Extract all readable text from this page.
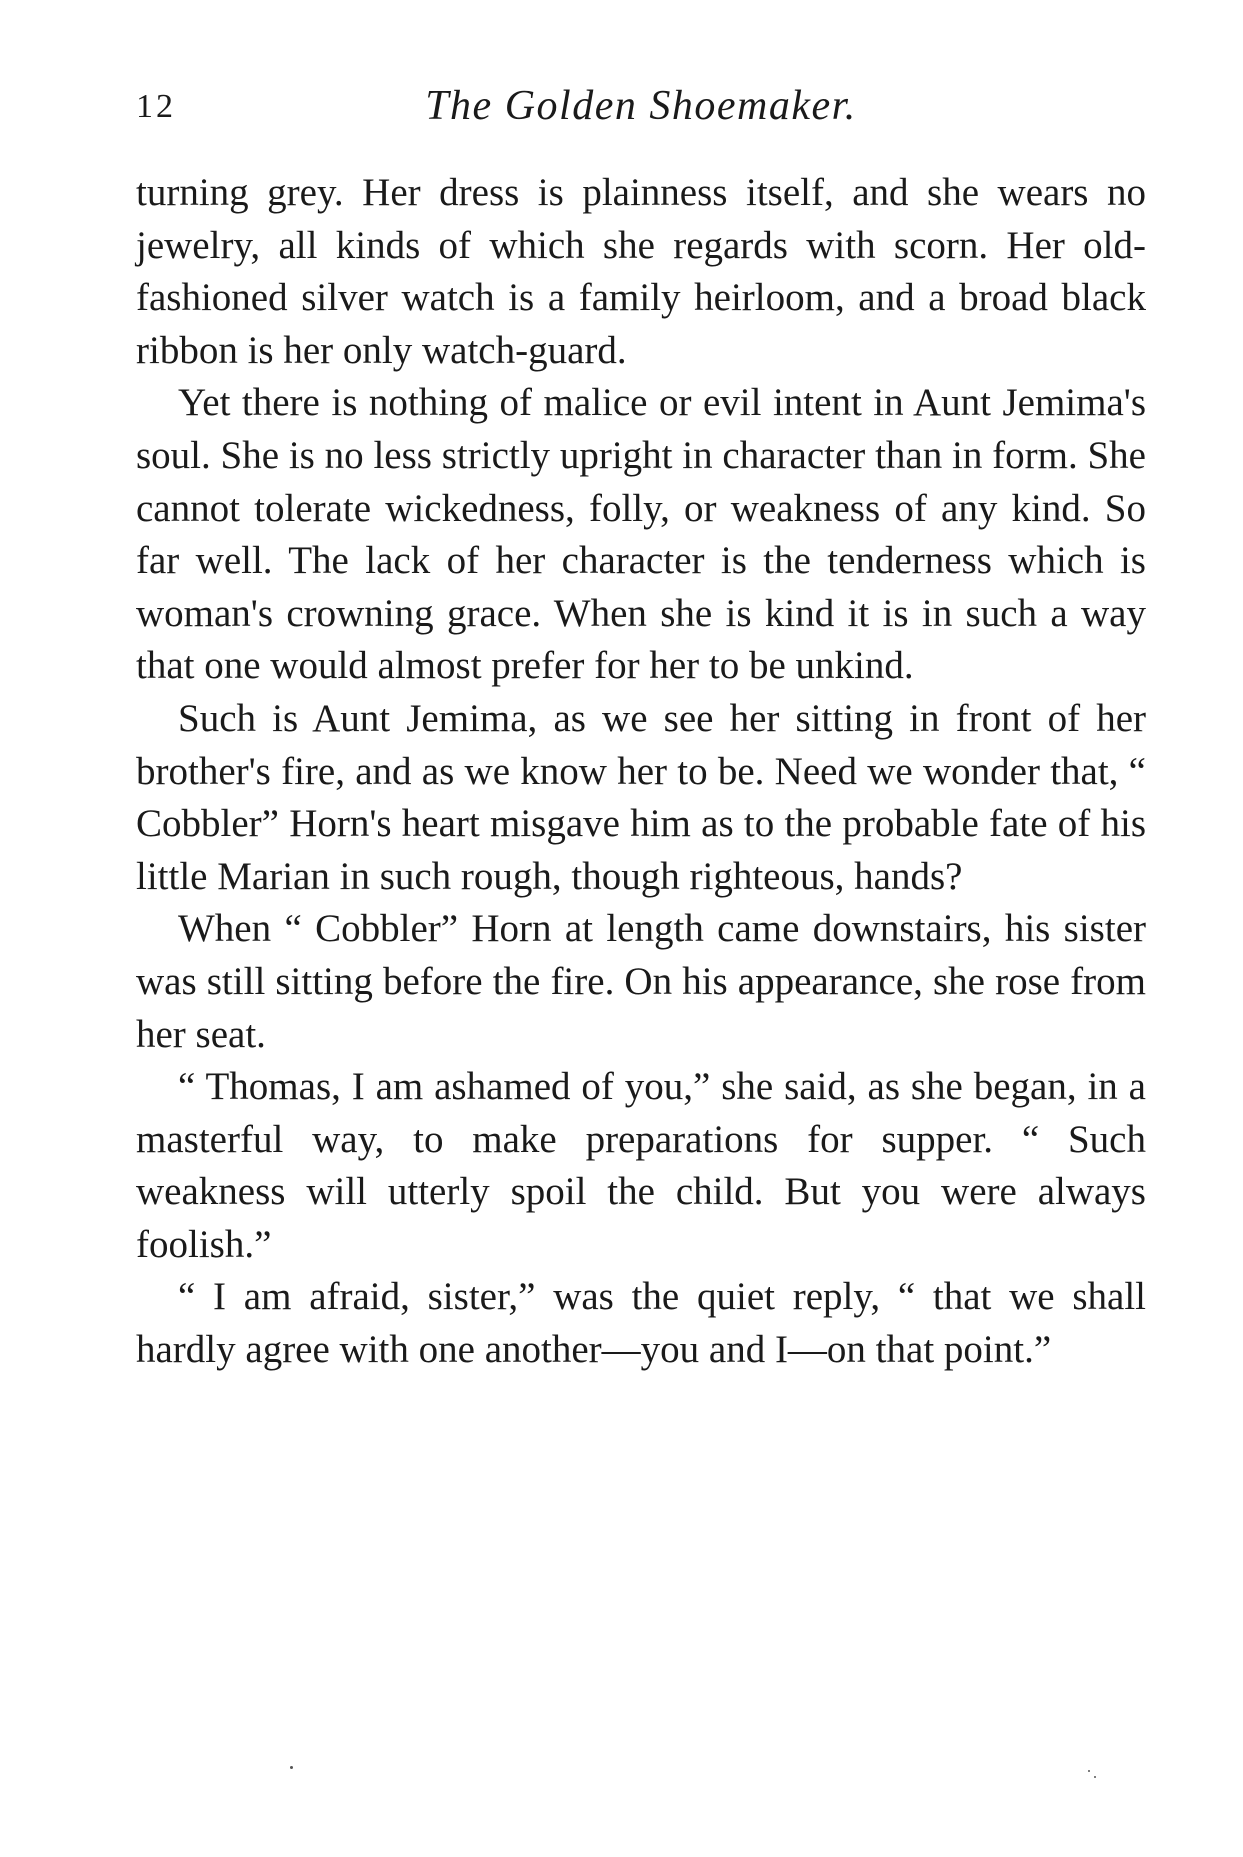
12	The Golden Shoemaker.

turning grey. Her dress is plainness itself, and she wears no jewelry, all kinds of which she regards with scorn. Her old-fashioned silver watch is a family heirloom, and a broad black ribbon is her only watch-guard.

Yet there is nothing of malice or evil intent in Aunt Jemima's soul. She is no less strictly upright in character than in form. She cannot tolerate wickedness, folly, or weakness of any kind. So far well. The lack of her character is the tenderness which is woman's crowning grace. When she is kind it is in such a way that one would almost prefer for her to be unkind.

Such is Aunt Jemima, as we see her sitting in front of her brother's fire, and as we know her to be. Need we wonder that, “ Cobbler” Horn's heart misgave him as to the probable fate of his little Marian in such rough, though righteous, hands?

When “ Cobbler” Horn at length came downstairs, his sister was still sitting before the fire. On his appearance, she rose from her seat.

“ Thomas, I am ashamed of you,” she said, as she began, in a masterful way, to make preparations for supper. “ Such weakness will utterly spoil the child. But you were always foolish.”

“ I am afraid, sister,” was the quiet reply, “ that we shall hardly agree with one another—you and I—on that point.”
